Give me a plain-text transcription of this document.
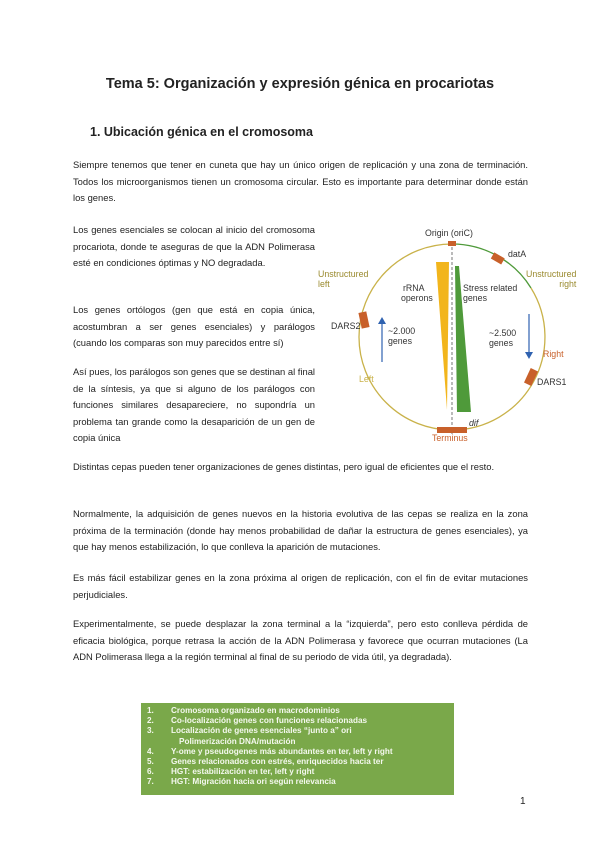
Tema 5: Organización y expresión génica en procariotas
1. Ubicación génica en el cromosoma
Siempre tenemos que tener en cuneta que hay un único origen de replicación y una zona de terminación. Todos los microorganismos tienen un cromosoma circular. Esto es importante para determinar donde están los genes.
Los genes esenciales se colocan al inicio del cromosoma procariota, donde te aseguras de que la ADN Polimerasa esté en condiciones óptimas y NO degradada.
Los genes ortólogos (gen que está en copia única, acostumbran a ser genes esenciales) y parálogos (cuando los comparas son muy parecidos entre sí)
Así pues, los parálogos son genes que se destinan al final de la síntesis, ya que si alguno de los parálogos con funciones similares desapareciere, no supondría un problema tan grande como la desaparición de un gen de copia única
Distintas cepas pueden tener organizaciones de genes distintas, pero igual de eficientes que el resto.
Normalmente, la adquisición de genes nuevos en la historia evolutiva de las cepas se realiza en la zona próxima de la terminación (donde hay menos probabilidad de dañar la estructura de genes esenciales), ya que hay menos estabilización, lo que conlleva la aparición de mutaciones.
Es más fácil estabilizar genes en la zona próxima al origen de replicación, con el fin de evitar mutaciones perjudiciales.
Experimentalmente, se puede desplazar la zona terminal a la “izquierda”, pero esto conlleva pérdida de eficacia biológica, porque retrasa la acción de la ADN Polimerasa y favorece que ocurran mutaciones (La ADN Polimerasa llega a la región terminal al final de su periodo de vida útil, ya degradada).
Origin (oriC)
datA
Unstructured
left
Unstructured
right
rRNA
operons
Stress related
genes
DARS2	~2.000
genes
~2.500
genes
Right
Left	DARS1
dif
Terminus
1.	Cromosoma organizado en macrodominios
2.	Co-localización genes con funciones relacionadas
3.	Localización de genes esenciales “junto a” ori
Polimerización DNA/mutación
4.	Y-ome y pseudogenes más abundantes en ter, left y right
5.	Genes relacionados con estrés, enriquecidos hacia ter
6.	HGT: estabilización en ter, left y right
7.	HGT: Migración hacia ori según relevancia
1
